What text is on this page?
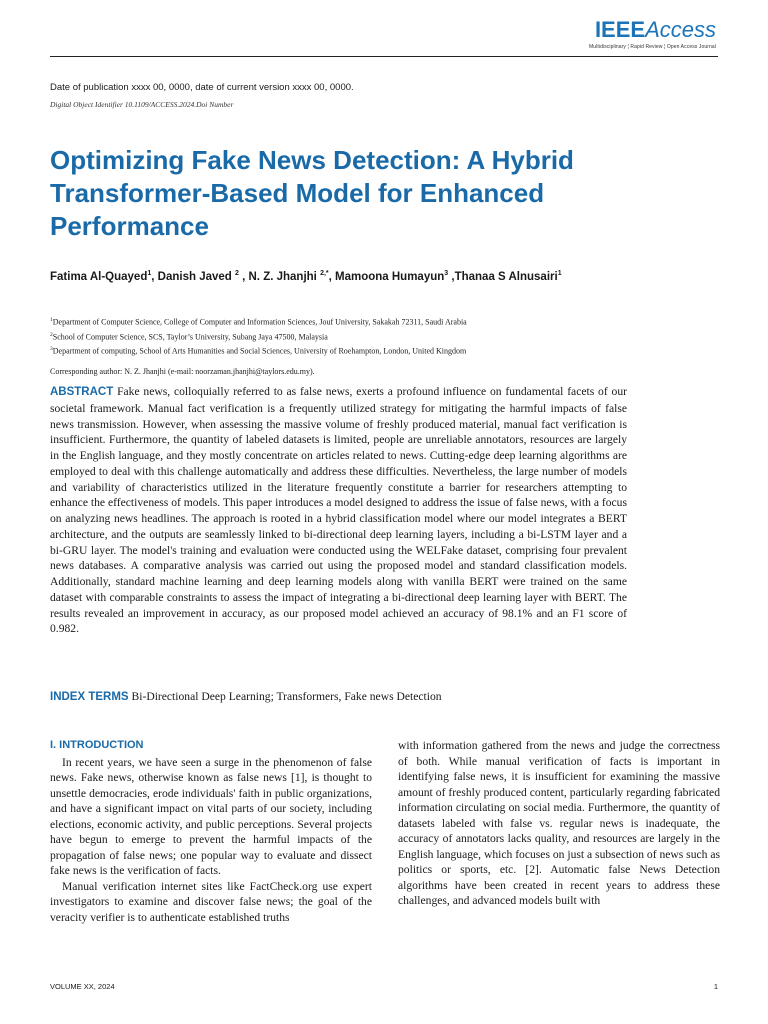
IEEEAccess
Multidisciplinary ¦ Rapid Review ¦ Open Access Journal
Date of publication xxxx 00, 0000, date of current version xxxx 00, 0000.
Digital Object Identifier 10.1109/ACCESS.2024.Doi Number
Optimizing Fake News Detection: A Hybrid Transformer-Based Model for Enhanced Performance
Fatima Al-Quayed$^1$, Danish Javed $^2$ , N. Z. Jhanjhi $^{2,*}$, Mamoona Humayun$^3$ ,Thanaa S Alnusairi$^1$
$^1$Department of Computer Science, College of Computer and Information Sciences, Jouf University, Sakakah 72311, Saudi Arabia
$^2$School of Computer Science, SCS, Taylor’s University, Subang Jaya 47500, Malaysia
$^3$Department of computing, School of Arts Humanities and Social Sciences, University of Roehampton, London, United Kingdom
Corresponding author: N. Z. Jhanjhi (e-mail: noorzaman.jhanjhi@taylors.edu.my).

ABSTRACT Fake news, colloquially referred to as false news, exerts a profound influence on fundamental facets of our societal framework. Manual fact verification is a frequently utilized strategy for mitigating the harmful impacts of false news transmission. However, when assessing the massive volume of freshly produced material, manual fact verification is insufficient. Furthermore, the quantity of labeled datasets is limited, people are unreliable annotators, resources are largely in the English language, and they mostly concentrate on articles related to news. Cutting-edge deep learning algorithms are employed to deal with this challenge automatically and address these difficulties. Nevertheless, the large number of models and variability of characteristics utilized in the literature frequently constitute a barrier for researchers attempting to enhance the effectiveness of models. This paper introduces a model designed to address the issue of false news, with a focus on analyzing news headlines. The approach is rooted in a hybrid classification model where our model integrates a BERT architecture, and the outputs are seamlessly linked to bi-directional deep learning layers, including a bi-LSTM layer and a bi-GRU layer. The model's training and evaluation were conducted using the WELFake dataset, comprising four prevalent news databases. A comparative analysis was carried out using the proposed model and standard classification models. Additionally, standard machine learning and deep learning models along with vanilla BERT were trained on the same dataset with comparable constraints to assess the impact of integrating a bi-directional deep learning layer with BERT. The results revealed an improvement in accuracy, as our proposed model achieved an accuracy of 98.1% and an F1 score of 0.982.

INDEX TERMS Bi-Directional Deep Learning; Transformers, Fake news Detection
I. INTRODUCTION

In recent years, we have seen a surge in the phenomenon of false news. Fake news, otherwise known as false news [1], is thought to unsettle democracies, erode individuals' faith in public organizations, and have a significant impact on vital parts of our society, including elections, economic activity, and public perceptions. Several projects have begun to emerge to prevent the harmful impacts of the propagation of false news; one popular way to evaluate and dissect fake news is the verification of facts.

Manual verification internet sites like FactCheck.org use expert investigators to examine and discover false news; the goal of the veracity verifier is to authenticate established truths

with information gathered from the news and judge the correctness of both. While manual verification of facts is important in identifying false news, it is insufficient for examining the massive amount of freshly produced content, particularly regarding fabricated information circulating on social media. Furthermore, the quantity of datasets labeled with false vs. regular news is inadequate, the accuracy of annotators lacks quality, and resources are largely in the English language, which focuses on just a subsection of news such as politics or sports, etc. [2]. Automatic false News Detection algorithms have been created in recent years to address these challenges, and advanced models built with

VOLUME XX, 2024	1
